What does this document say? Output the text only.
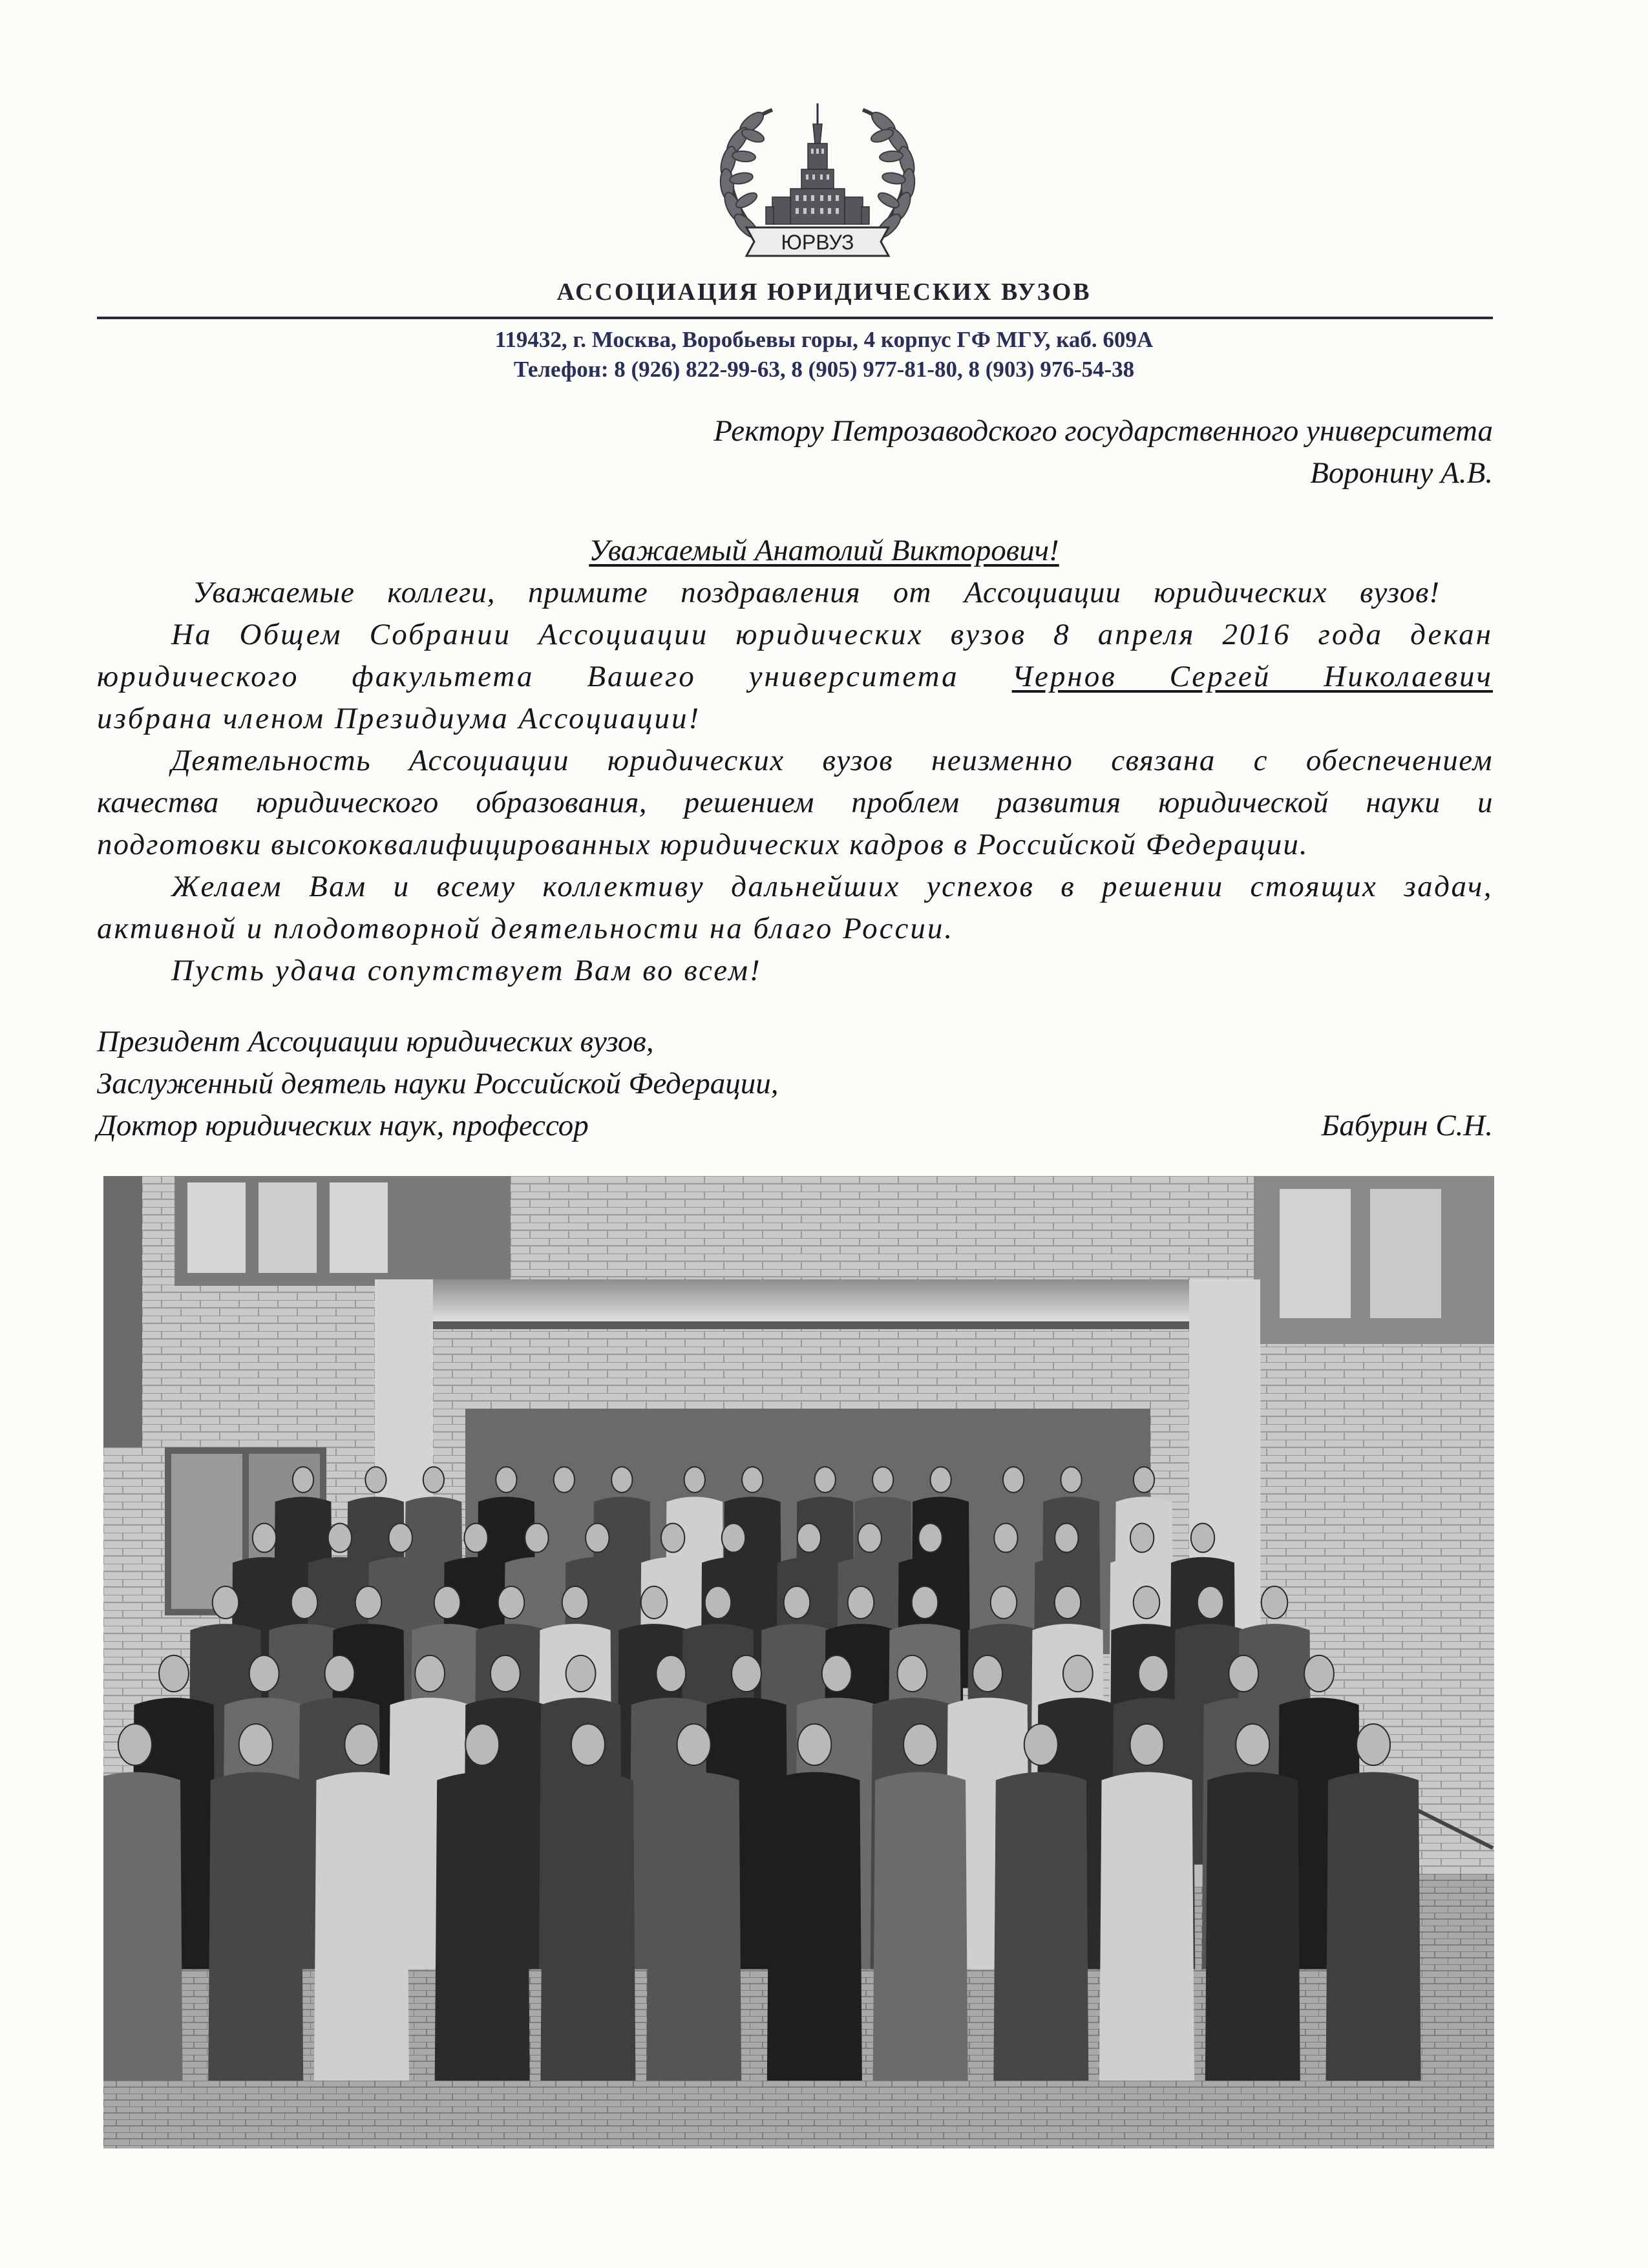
ЮРВУЗ
АССОЦИАЦИЯ ЮРИДИЧЕСКИХ ВУЗОВ
119432, г. Москва, Воробьевы горы, 4 корпус ГФ МГУ, каб. 609А
Телефон: 8 (926) 822-99-63, 8 (905) 977-81-80, 8 (903) 976-54-38
Ректору Петрозаводского государственного университета
Воронину А.В.
Уважаемый Анатолий Викторович!
Уважаемые коллеги, примите поздравления от Ассоциации юридических вузов!
На Общем Собрании Ассоциации юридических вузов 8 апреля 2016 года декан
юридического факультета Вашего университета Чернов Сергей Николаевич
избрана членом Президиума Ассоциации!
Деятельность Ассоциации юридических вузов неизменно связана с обеспечением
качества юридического образования, решением проблем развития юридической науки и
подготовки высококвалифицированных юридических кадров в Российской Федерации.
Желаем Вам и всему коллективу дальнейших успехов в решении стоящих задач,
активной и плодотворной деятельности на благо России.
Пусть удача сопутствует Вам во всем!
Президент Ассоциации юридических вузов,
Заслуженный деятель науки Российской Федерации,
Доктор юридических наук, профессор	Бабурин С.Н.
